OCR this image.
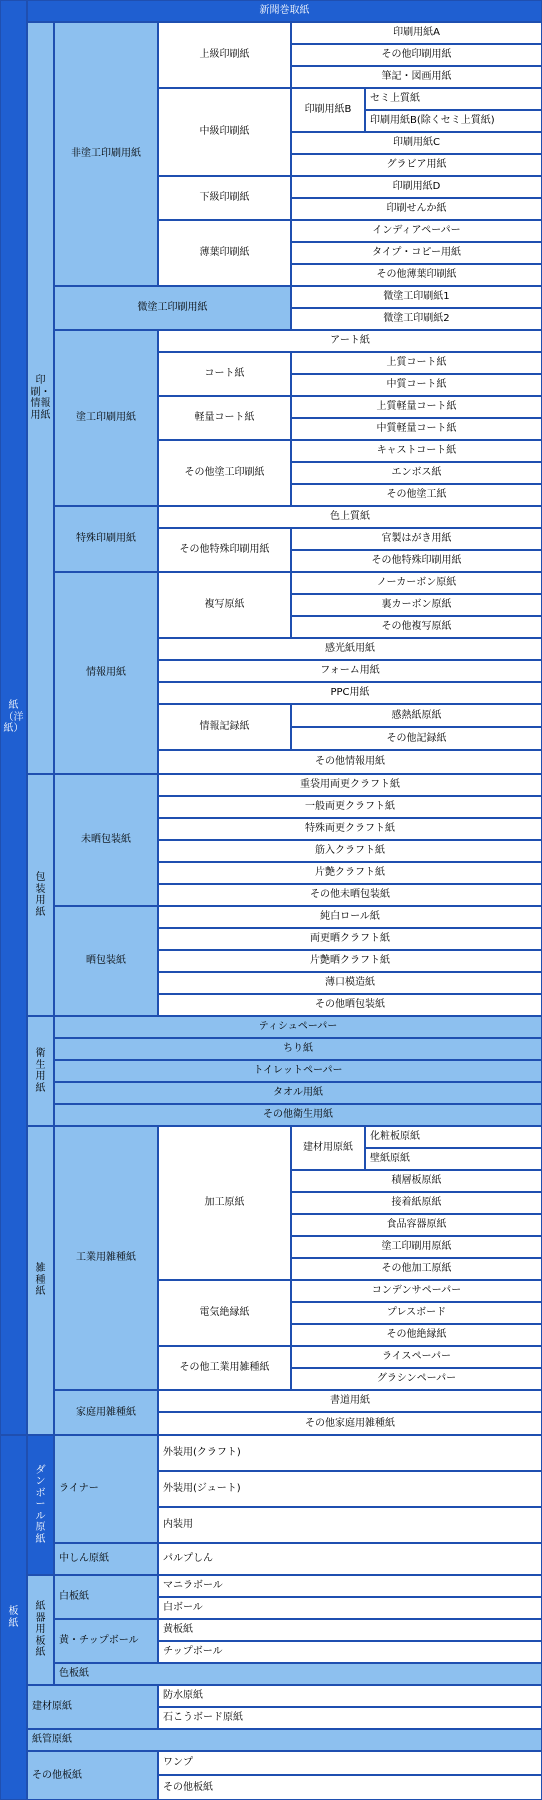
紙（洋紙）
板紙
新聞巻取紙
印刷・情報用紙
非塗工印刷用紙
上級印刷紙
印刷用紙A
その他印刷用紙
筆記・図画用紙
中級印刷紙
印刷用紙B
セミ上質紙
印刷用紙B(除くセミ上質紙)
印刷用紙C
グラビア用紙
下級印刷紙
印刷用紙D
印刷せんか紙
薄葉印刷紙
インディアペーパー
タイプ・コピー用紙
その他薄葉印刷紙
微塗工印刷用紙
微塗工印刷紙1
微塗工印刷紙2
塗工印刷用紙
アート紙
コート紙
上質コート紙
中質コート紙
軽量コート紙
上質軽量コート紙
中質軽量コート紙
その他塗工印刷紙
キャストコート紙
エンボス紙
その他塗工紙
特殊印刷用紙
色上質紙
その他特殊印刷用紙
官製はがき用紙
その他特殊印刷用紙
情報用紙
複写原紙
ノーカーボン原紙
裏カーボン原紙
その他複写原紙
感光紙用紙
フォーム用紙
PPC用紙
情報記録紙
感熱紙原紙
その他記録紙
その他情報用紙
包装用紙
未晒包装紙
重袋用両更クラフト紙
一般両更クラフト紙
特殊両更クラフト紙
筋入クラフト紙
片艶クラフト紙
その他未晒包装紙
晒包装紙
純白ロール紙
両更晒クラフト紙
片艶晒クラフト紙
薄口模造紙
その他晒包装紙
衛生用紙
ティシュペーパー
ちり紙
トイレットペーパー
タオル用紙
その他衛生用紙
雑種紙
工業用雑種紙
加工原紙
建材用原紙
化粧板原紙
壁紙原紙
積層板原紙
接着紙原紙
食品容器原紙
塗工印刷用原紙
その他加工原紙
電気絶縁紙
コンデンサペーパー
プレスボード
その他絶縁紙
その他工業用雑種紙
ライスペーパー
グラシンペーパー
家庭用雑種紙
書道用紙
その他家庭用雑種紙
ダンボール原紙
ライナー
外装用(クラフト)
外装用(ジュート)
内装用
中しん原紙	パルプしん
紙器用板紙
白板紙
マニラボール
白ボール
黄・チップボール
黄板紙
チップボール
色板紙
建材原紙
防水原紙
石こうボード原紙
紙管原紙
その他板紙
ワンプ
その他板紙
